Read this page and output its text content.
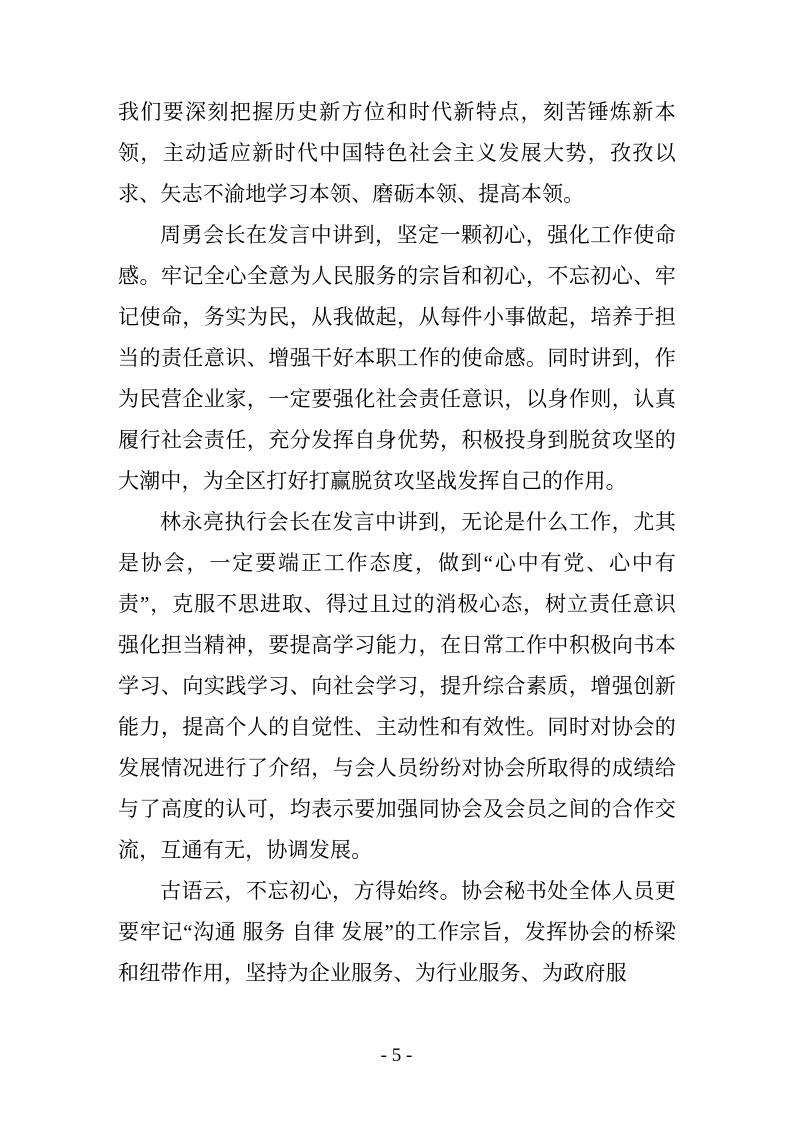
我们要深刻把握历史新方位和时代新特点，刻苦锤炼新本领，主动适应新时代中国特色社会主义发展大势，孜孜以求、矢志不渝地学习本领、磨砺本领、提高本领。

周勇会长在发言中讲到，坚定一颗初心，强化工作使命感。牢记全心全意为人民服务的宗旨和初心，不忘初心、牢记使命，务实为民，从我做起，从每件小事做起，培养于担当的责任意识、增强干好本职工作的使命感。同时讲到，作为民营企业家，一定要强化社会责任意识，以身作则，认真履行社会责任，充分发挥自身优势，积极投身到脱贫攻坚的大潮中，为全区打好打赢脱贫攻坚战发挥自己的作用。

林永亮执行会长在发言中讲到，无论是什么工作，尤其是协会，一定要端正工作态度，做到“心中有党、心中有责”，克服不思进取、得过且过的消极心态，树立责任意识强化担当精神，要提高学习能力，在日常工作中积极向书本学习、向实践学习、向社会学习，提升综合素质，增强创新能力，提高个人的自觉性、主动性和有效性。同时对协会的发展情况进行了介绍，与会人员纷纷对协会所取得的成绩给与了高度的认可，均表示要加强同协会及会员之间的合作交流，互通有无，协调发展。

古语云，不忘初心，方得始终。协会秘书处全体人员更要牢记“沟通 服务 自律 发展”的工作宗旨，发挥协会的桥梁和纽带作用，坚持为企业服务、为行业服务、为政府服

- 5 -
